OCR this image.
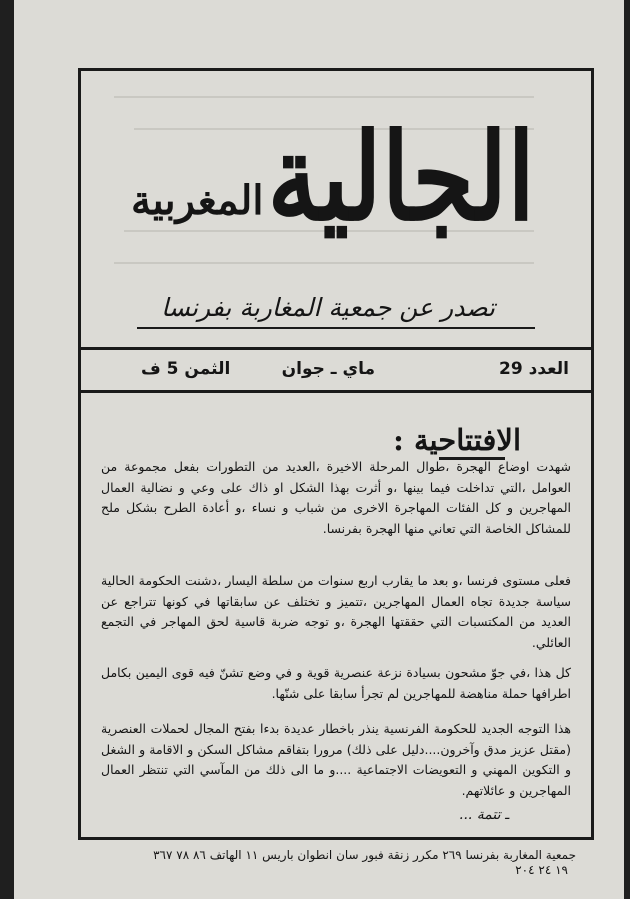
الجالية
المغربية
تصدر عن جمعية المغاربة بفرنسا
العدد 29
ماي ـ جوان
الثمن 5 ف
الافتتاحية :

شهدت اوضاع الهجرة ،طوال المرحلة الاخيرة ،العديد من التطورات بفعل مجموعة من العوامل ،التي تداخلت فيما بينها ،و أثرت بهذا الشكل او ذاك على وعي و نضالية العمال المهاجرين و كل الفئات المهاجرة الاخرى من شباب و نساء ،و أعادة الطرح بشكل ملح للمشاكل الخاصة التي تعاني منها الهجرة بفرنسا.

فعلى مستوى فرنسا ،و بعد ما يقارب اربع سنوات من سلطة اليسار ،دشنت الحكومة الحالية سياسة جديدة تجاه العمال المهاجرين ،تتميز و تختلف عن سابقاتها في كونها تتراجع عن العديد من المكتسبات التي حققتها الهجرة ،و توجه ضربة قاسية لحق المهاجر في التجمع العائلي.

كل هذا ،في جوّ مشحون بسيادة نزعة عنصرية قوية و في وضع تشنّ فيه قوى اليمين بكامل اطرافها حملة مناهضة للمهاجرين لم تجرأ سابقا على شنّها.

هذا التوجه الجديد للحكومة الفرنسية ينذر باخطار عديدة بدءا بفتح المجال لحملات العنصرية (مقتل عزيز مدق وآخرون....دليل على ذلك) مرورا بتفاقم مشاكل السكن و الاقامة و الشغل و التكوين المهني و التعويضات الاجتماعية ....و ما الى ذلك من المآسي التي تنتظر العمال المهاجرين و عائلاتهم.

ـ تتمة ...

جمعية المغاربة بفرنسا ٢٦٩ مكرر زنقة فبور سان انطوان باريس ١١ الهاتف ٨٦ ٧٨ ٣٦٧
١٩ ٢٤ ٢٠٤
